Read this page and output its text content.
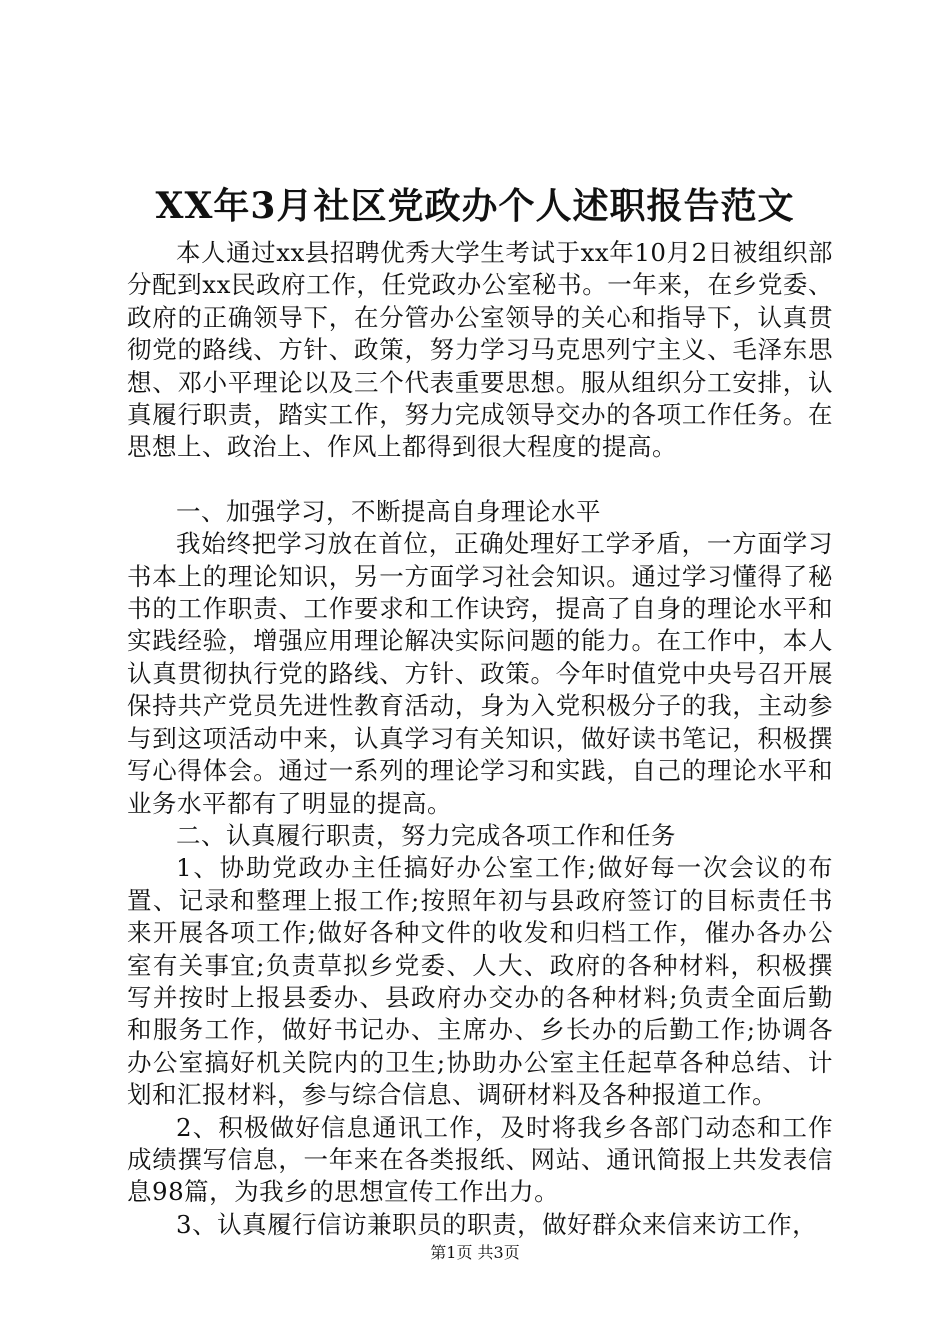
XX年3月社区党政办个人述职报告范文

本人通过xx县招聘优秀大学生考试于xx年10月2日被组织部分配到xx民政府工作，任党政办公室秘书。一年来，在乡党委、政府的正确领导下，在分管办公室领导的关心和指导下，认真贯彻党的路线、方针、政策，努力学习马克思列宁主义、毛泽东思想、邓小平理论以及三个代表重要思想。服从组织分工安排，认真履行职责，踏实工作，努力完成领导交办的各项工作任务。在思想上、政治上、作风上都得到很大程度的提高。

一、加强学习，不断提高自身理论水平

我始终把学习放在首位，正确处理好工学矛盾，一方面学习书本上的理论知识，另一方面学习社会知识。通过学习懂得了秘书的工作职责、工作要求和工作诀窍，提高了自身的理论水平和实践经验，增强应用理论解决实际问题的能力。在工作中，本人认真贯彻执行党的路线、方针、政策。今年时值党中央号召开展保持共产党员先进性教育活动，身为入党积极分子的我，主动参与到这项活动中来，认真学习有关知识，做好读书笔记，积极撰写心得体会。通过一系列的理论学习和实践，自己的理论水平和业务水平都有了明显的提高。

二、认真履行职责，努力完成各项工作和任务

1、协助党政办主任搞好办公室工作;做好每一次会议的布置、记录和整理上报工作;按照年初与县政府签订的目标责任书来开展各项工作;做好各种文件的收发和归档工作，催办各办公室有关事宜;负责草拟乡党委、人大、政府的各种材料，积极撰写并按时上报县委办、县政府办交办的各种材料;负责全面后勤和服务工作，做好书记办、主席办、乡长办的后勤工作;协调各办公室搞好机关院内的卫生;协助办公室主任起草各种总结、计划和汇报材料，参与综合信息、调研材料及各种报道工作。

2、积极做好信息通讯工作，及时将我乡各部门动态和工作成绩撰写信息，一年来在各类报纸、网站、通讯简报上共发表信息98篇，为我乡的思想宣传工作出力。

3、认真履行信访兼职员的职责，做好群众来信来访工作，

第1页 共3页
